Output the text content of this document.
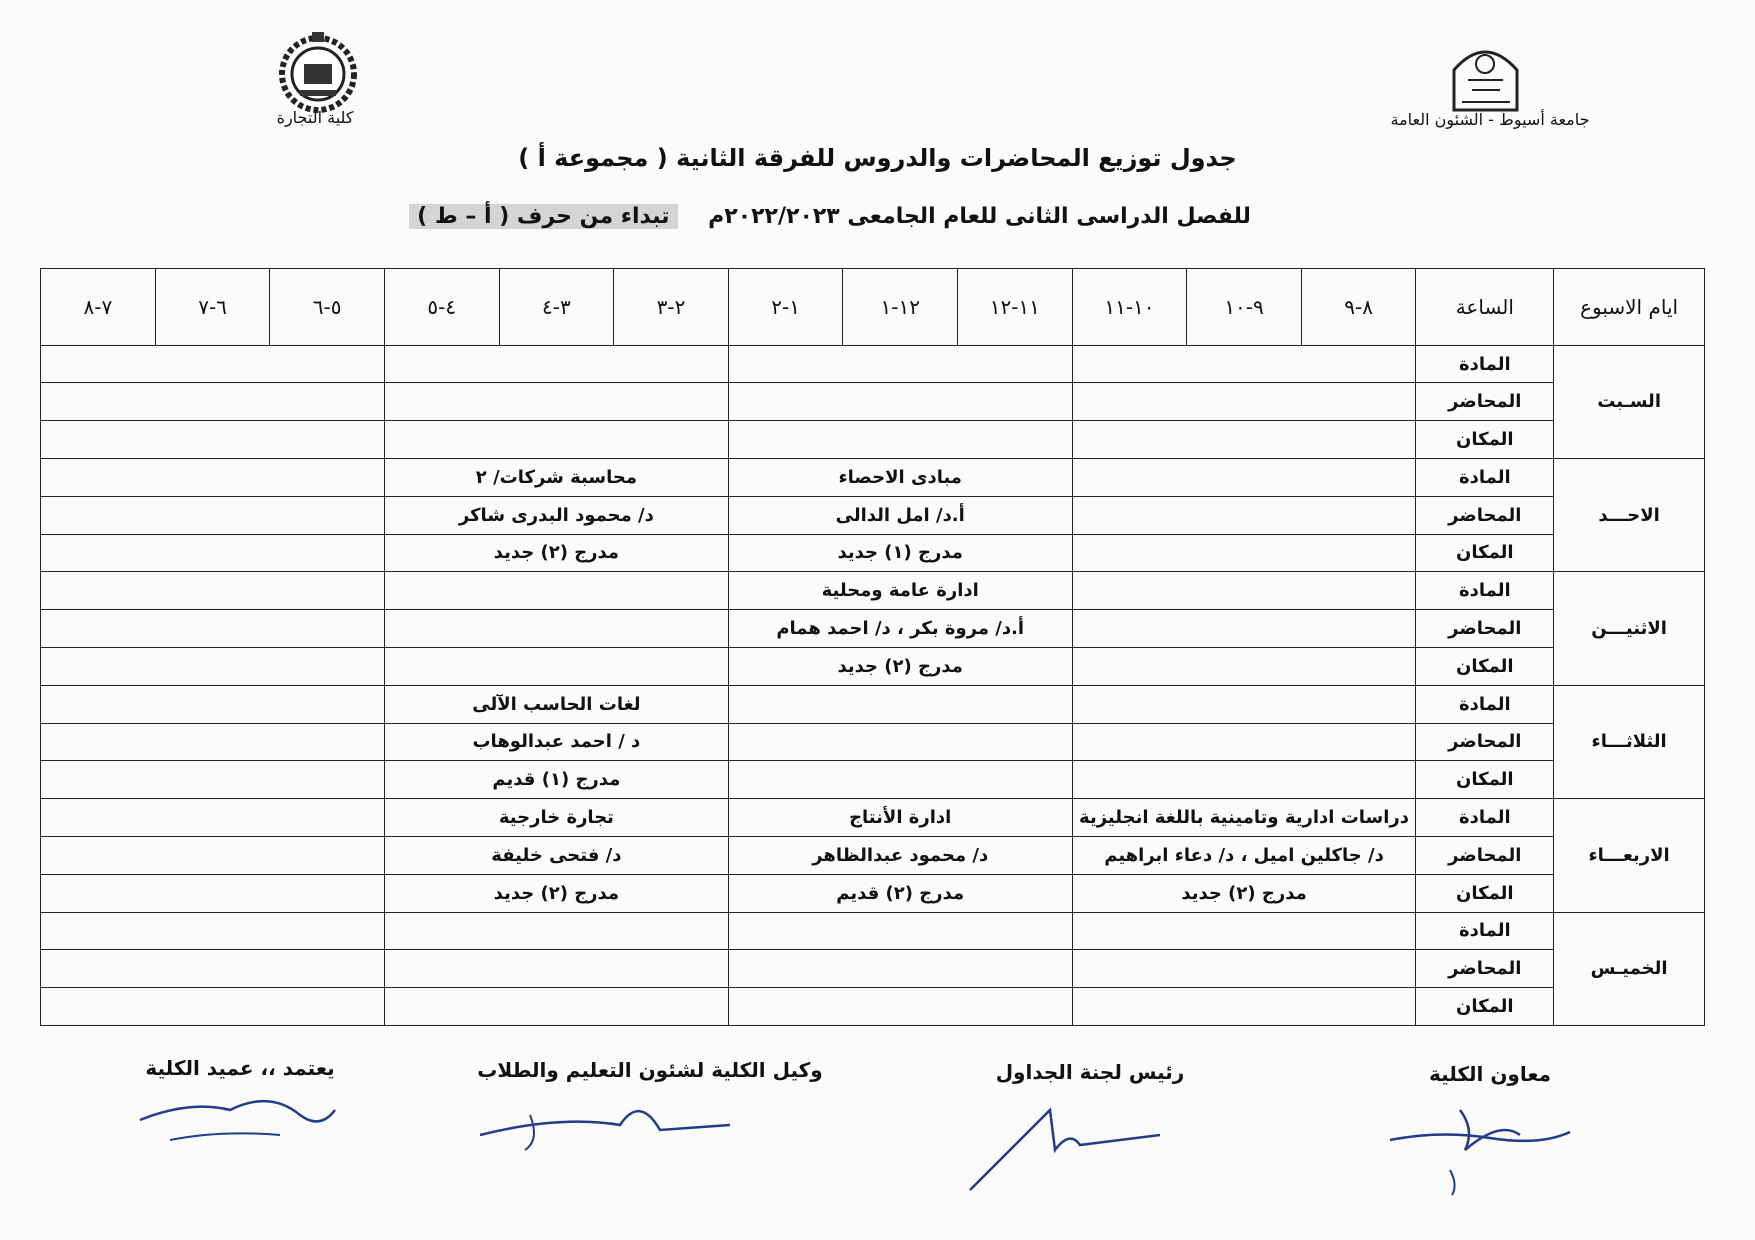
كلية التجارة	جامعة أسيوط - الشئون العامة
جدول توزيع المحاضرات والدروس للفرقة الثانية ( مجموعة أ )
للفصل الدراسى الثانى للعام الجامعى ٢٠٢٢/٢٠٢٣م    تبداء من حرف ( أ – ط )
ايام الاسبوع	الساعة	٨-٩	٩-١٠	١٠-١١	١١-١٢	١٢-١	١-٢	٢-٣	٣-٤	٤-٥	٥-٦	٦-٧	٧-٨
السـبت	المادة												
	المحاضر												
	المكان												
الاحـــد	المادة				مبادى الاحصاء			محاسبة شركات/ ٢					
	المحاضر				أ.د/ امل الدالى			د/ محمود البدرى شاكر					
	المكان				مدرج (١) جديد			مدرج (٢) جديد					
الاثنيـــن	المادة				ادارة عامة ومحلية								
	المحاضر				أ.د/ مروة بكر ، د/ احمد همام								
	المكان				مدرج (٢) جديد								
الثلاثـــاء	المادة							لغات الحاسب الآلى					
	المحاضر							د / احمد عبدالوهاب					
	المكان							مدرج (١) قديم					
الاربعـــاء	المادة	دراسات ادارية وتامينية باللغة انجليزية			ادارة الأنتاج			تجارة خارجية					
	المحاضر	د/ جاكلين اميل ، د/ دعاء ابراهيم			د/ محمود عبدالظاهر			د/ فتحى خليفة					
	المكان	مدرج (٢) جديد			مدرج (٢) قديم			مدرج (٢) جديد					
الخميـس	المادة												
	المحاضر												
	المكان												
معاون الكلية
رئيس لجنة الجداول
وكيل الكلية لشئون التعليم والطلاب
يعتمد ،، عميد الكلية
